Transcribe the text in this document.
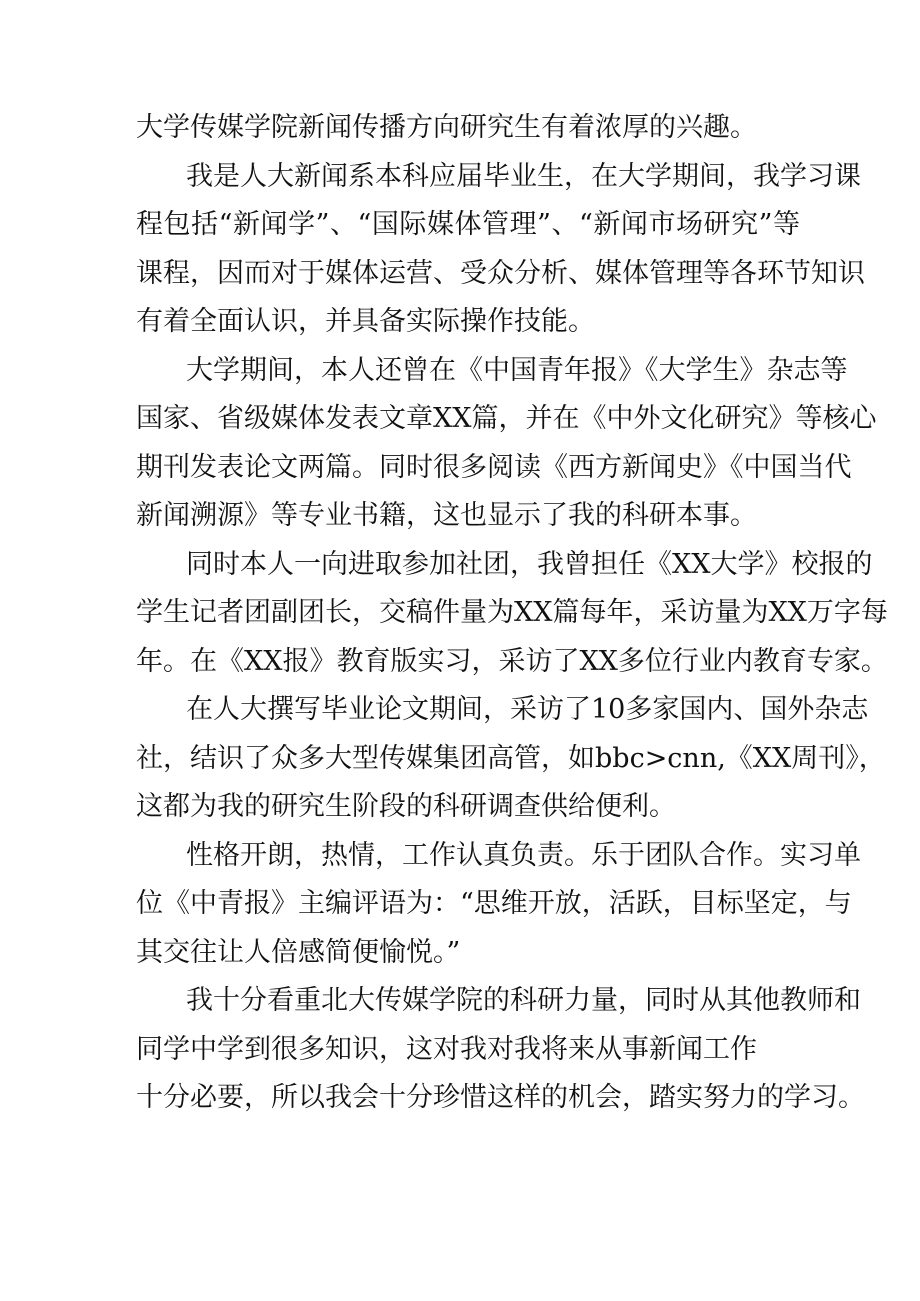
大学传媒学院新闻传播方向研究生有着浓厚的兴趣。
我是人大新闻系本科应届毕业生，在大学期间，我学习课
程包括“新闻学”、“国际媒体管理”、“新闻市场研究”等
课程，因而对于媒体运营、受众分析、媒体管理等各环节知识
有着全面认识，并具备实际操作技能。
大学期间，本人还曾在《中国青年报》《大学生》杂志等
国家、省级媒体发表文章XX篇，并在《中外文化研究》等核心
期刊发表论文两篇。同时很多阅读《西方新闻史》《中国当代
新闻溯源》等专业书籍，这也显示了我的科研本事。
同时本人一向进取参加社团，我曾担任《XX大学》校报的
学生记者团副团长，交稿件量为XX篇每年，采访量为XX万字每
年。在《XX报》教育版实习，采访了XX多位行业内教育专家。
在人大撰写毕业论文期间，采访了10多家国内、国外杂志
社，结识了众多大型传媒集团高管，如bbc>cnn,《XX周刊》，
这都为我的研究生阶段的科研调查供给便利。
性格开朗，热情，工作认真负责。乐于团队合作。实习单
位《中青报》主编评语为：“思维开放，活跃，目标坚定，与
其交往让人倍感简便愉悦。”
我十分看重北大传媒学院的科研力量，同时从其他教师和
同学中学到很多知识，这对我对我将来从事新闻工作
十分必要，所以我会十分珍惜这样的机会，踏实努力的学习。
